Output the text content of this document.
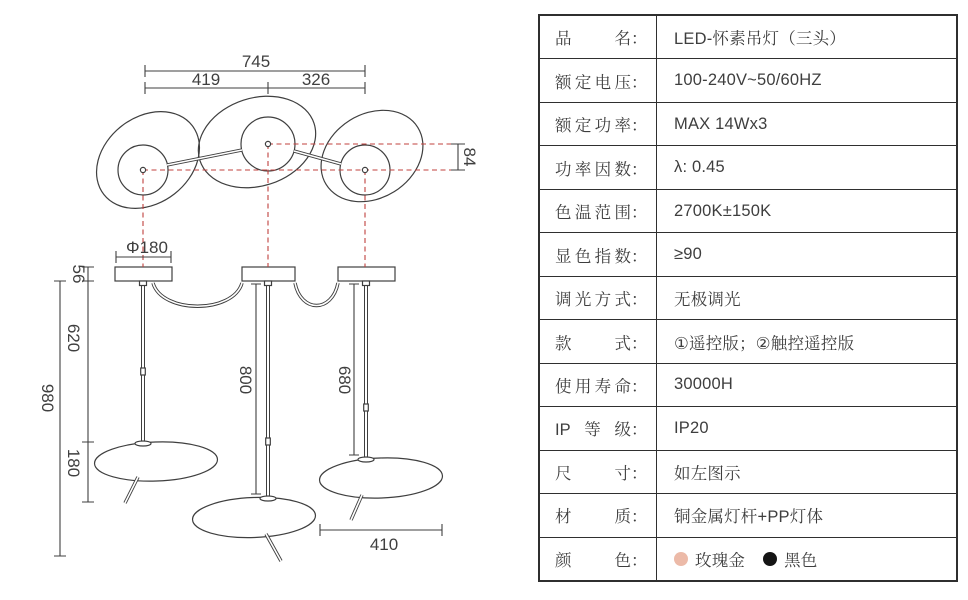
745
419	326
84
Φ180
56
620
180
980
800	680
410
品名 ： LED-怀素吊灯（三头）
额定电压 ： 100-240V~50/60HZ
额定功率 ： MAX 14Wx3
功率因数 ： λ: 0.45
色温范围 ： 2700K±150K
显色指数 ： ≥90
调光方式 ： 无极调光
款式 ： ①遥控版；②触控遥控版
使用寿命 ： 30000H
IP等级 ： IP20
尺寸 ： 如左图示
材质 ： 铜金属灯杆+PP灯体
颜色 ：	玫瑰金 黑色
